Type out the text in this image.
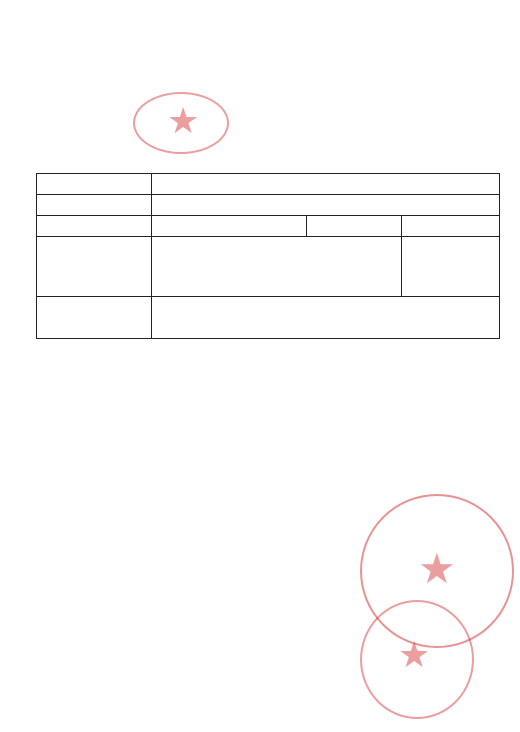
★
★
★
